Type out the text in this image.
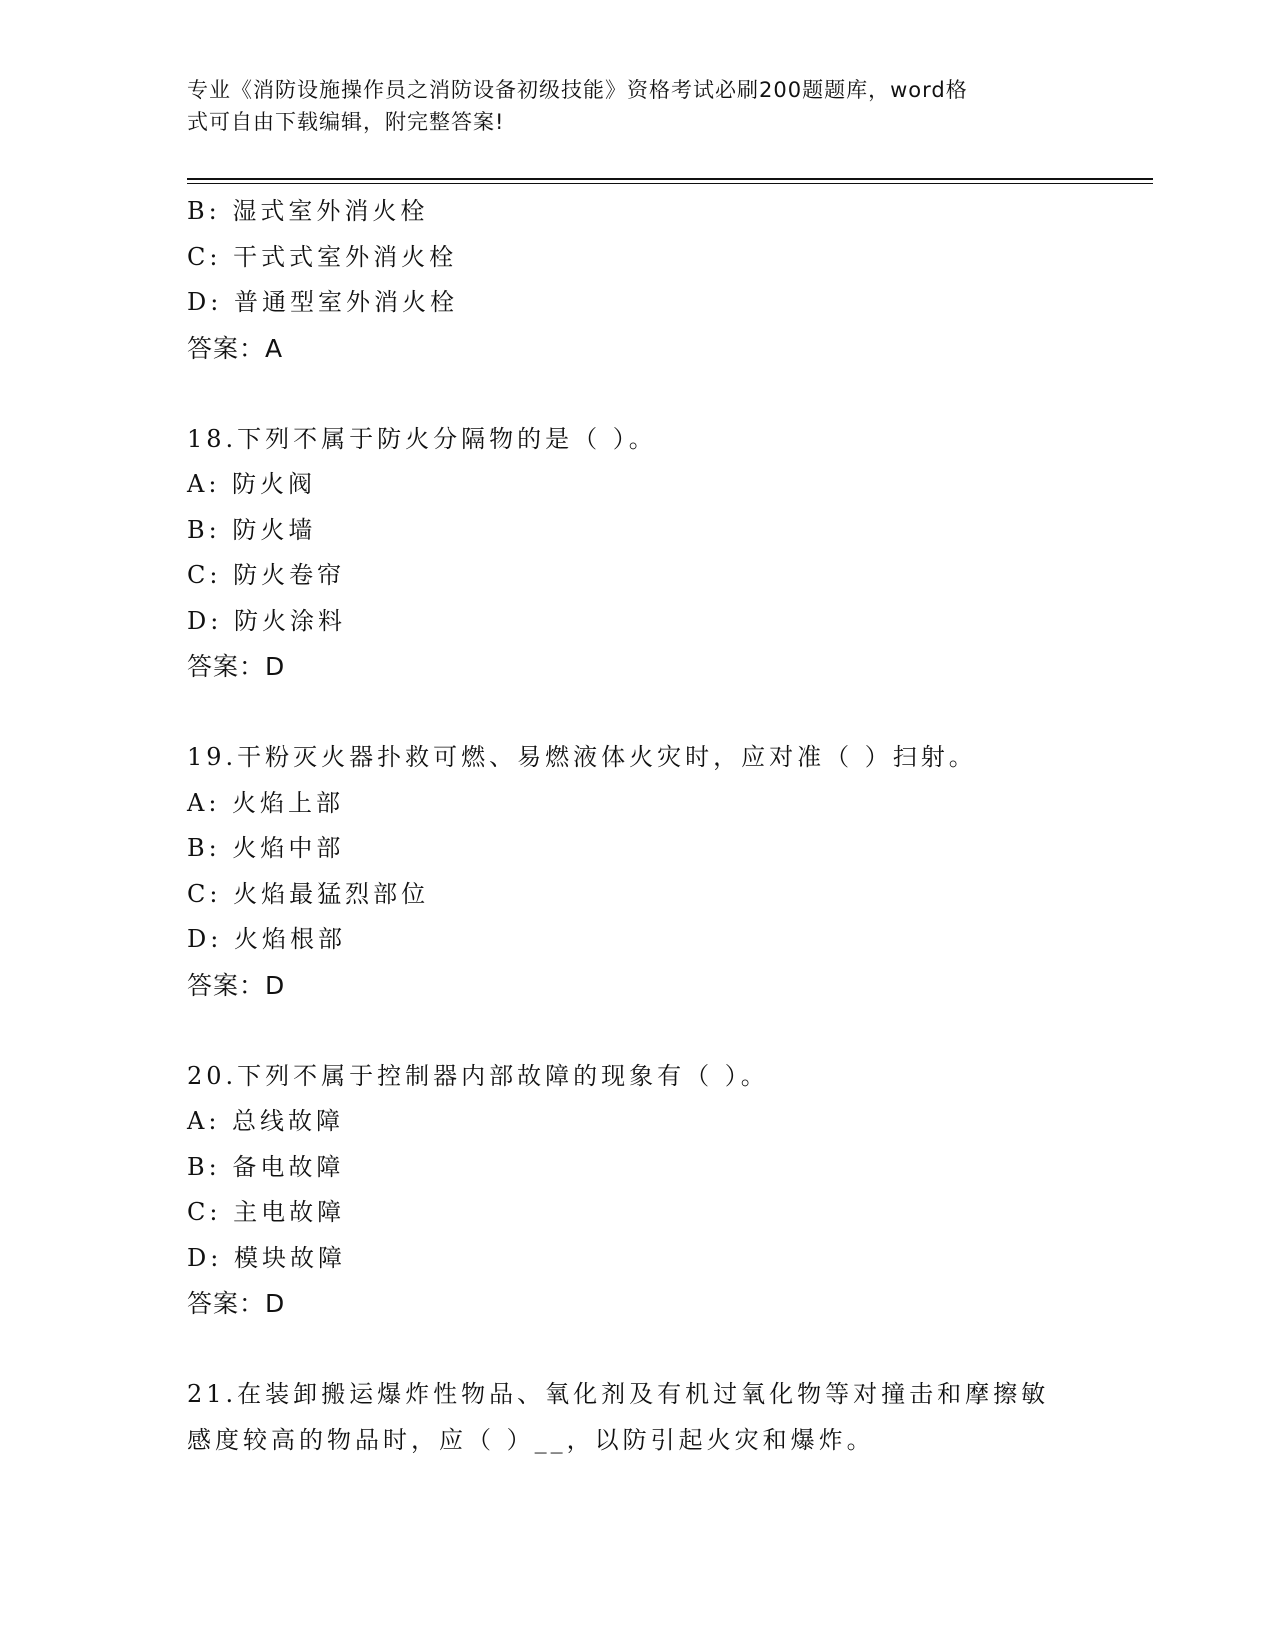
专业《消防设施操作员之消防设备初级技能》资格考试必刷200题题库，word格
式可自由下载编辑，附完整答案!
B: 湿式室外消火栓
C: 干式式室外消火栓
D: 普通型室外消火栓
答案：A
18.下列不属于防火分隔物的是（ ）。
A: 防火阀
B: 防火墙
C: 防火卷帘
D: 防火涂料
答案：D
19.干粉灭火器扑救可燃、易燃液体火灾时，应对准（ ）扫射。
A: 火焰上部
B: 火焰中部
C: 火焰最猛烈部位
D: 火焰根部
答案：D
20.下列不属于控制器内部故障的现象有（ ）。
A: 总线故障
B: 备电故障
C: 主电故障
D: 模块故障
答案：D
21.在装卸搬运爆炸性物品、氧化剂及有机过氧化物等对撞击和摩擦敏
感度较高的物品时，应（ ）__，以防引起火灾和爆炸。
